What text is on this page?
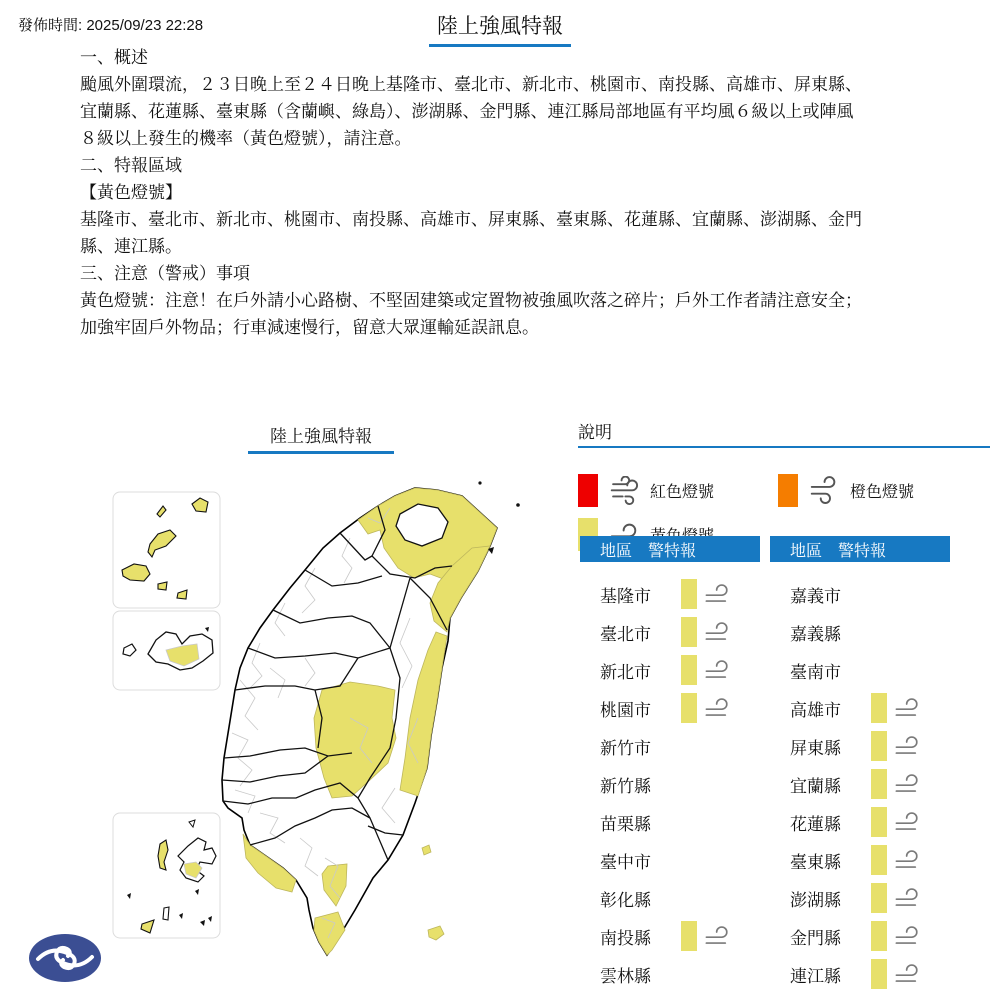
發佈時間: 2025/09/23 22:28	陸上強風特報
一、概述
颱風外圍環流，２３日晚上至２４日晚上基隆市、臺北市、新北市、桃園市、南投縣、高雄市、屏東縣、
宜蘭縣、花蓮縣、臺東縣（含蘭嶼、綠島）、澎湖縣、金門縣、連江縣局部地區有平均風６級以上或陣風
８級以上發生的機率（黃色燈號），請注意。
二、特報區域
【黃色燈號】
基隆市、臺北市、新北市、桃園市、南投縣、高雄市、屏東縣、臺東縣、花蓮縣、宜蘭縣、澎湖縣、金門
縣、連江縣。
三、注意（警戒）事項
黃色燈號：注意！在戶外請小心路樹、不堅固建築或定置物被強風吹落之碎片；戶外工作者請注意安全；
加強牢固戶外物品；行車減速慢行，留意大眾運輸延誤訊息。
陸上強風特報	說明
紅色燈號	橙色燈號
地區 警特報
基隆市
臺北市
新北市
桃園市
新竹市
新竹縣
苗栗縣
臺中市
彰化縣
南投縣
雲林縣
地區 警特報
嘉義市
嘉義縣
臺南市
高雄市
屏東縣
宜蘭縣
花蓮縣
臺東縣
澎湖縣
金門縣
連江縣
